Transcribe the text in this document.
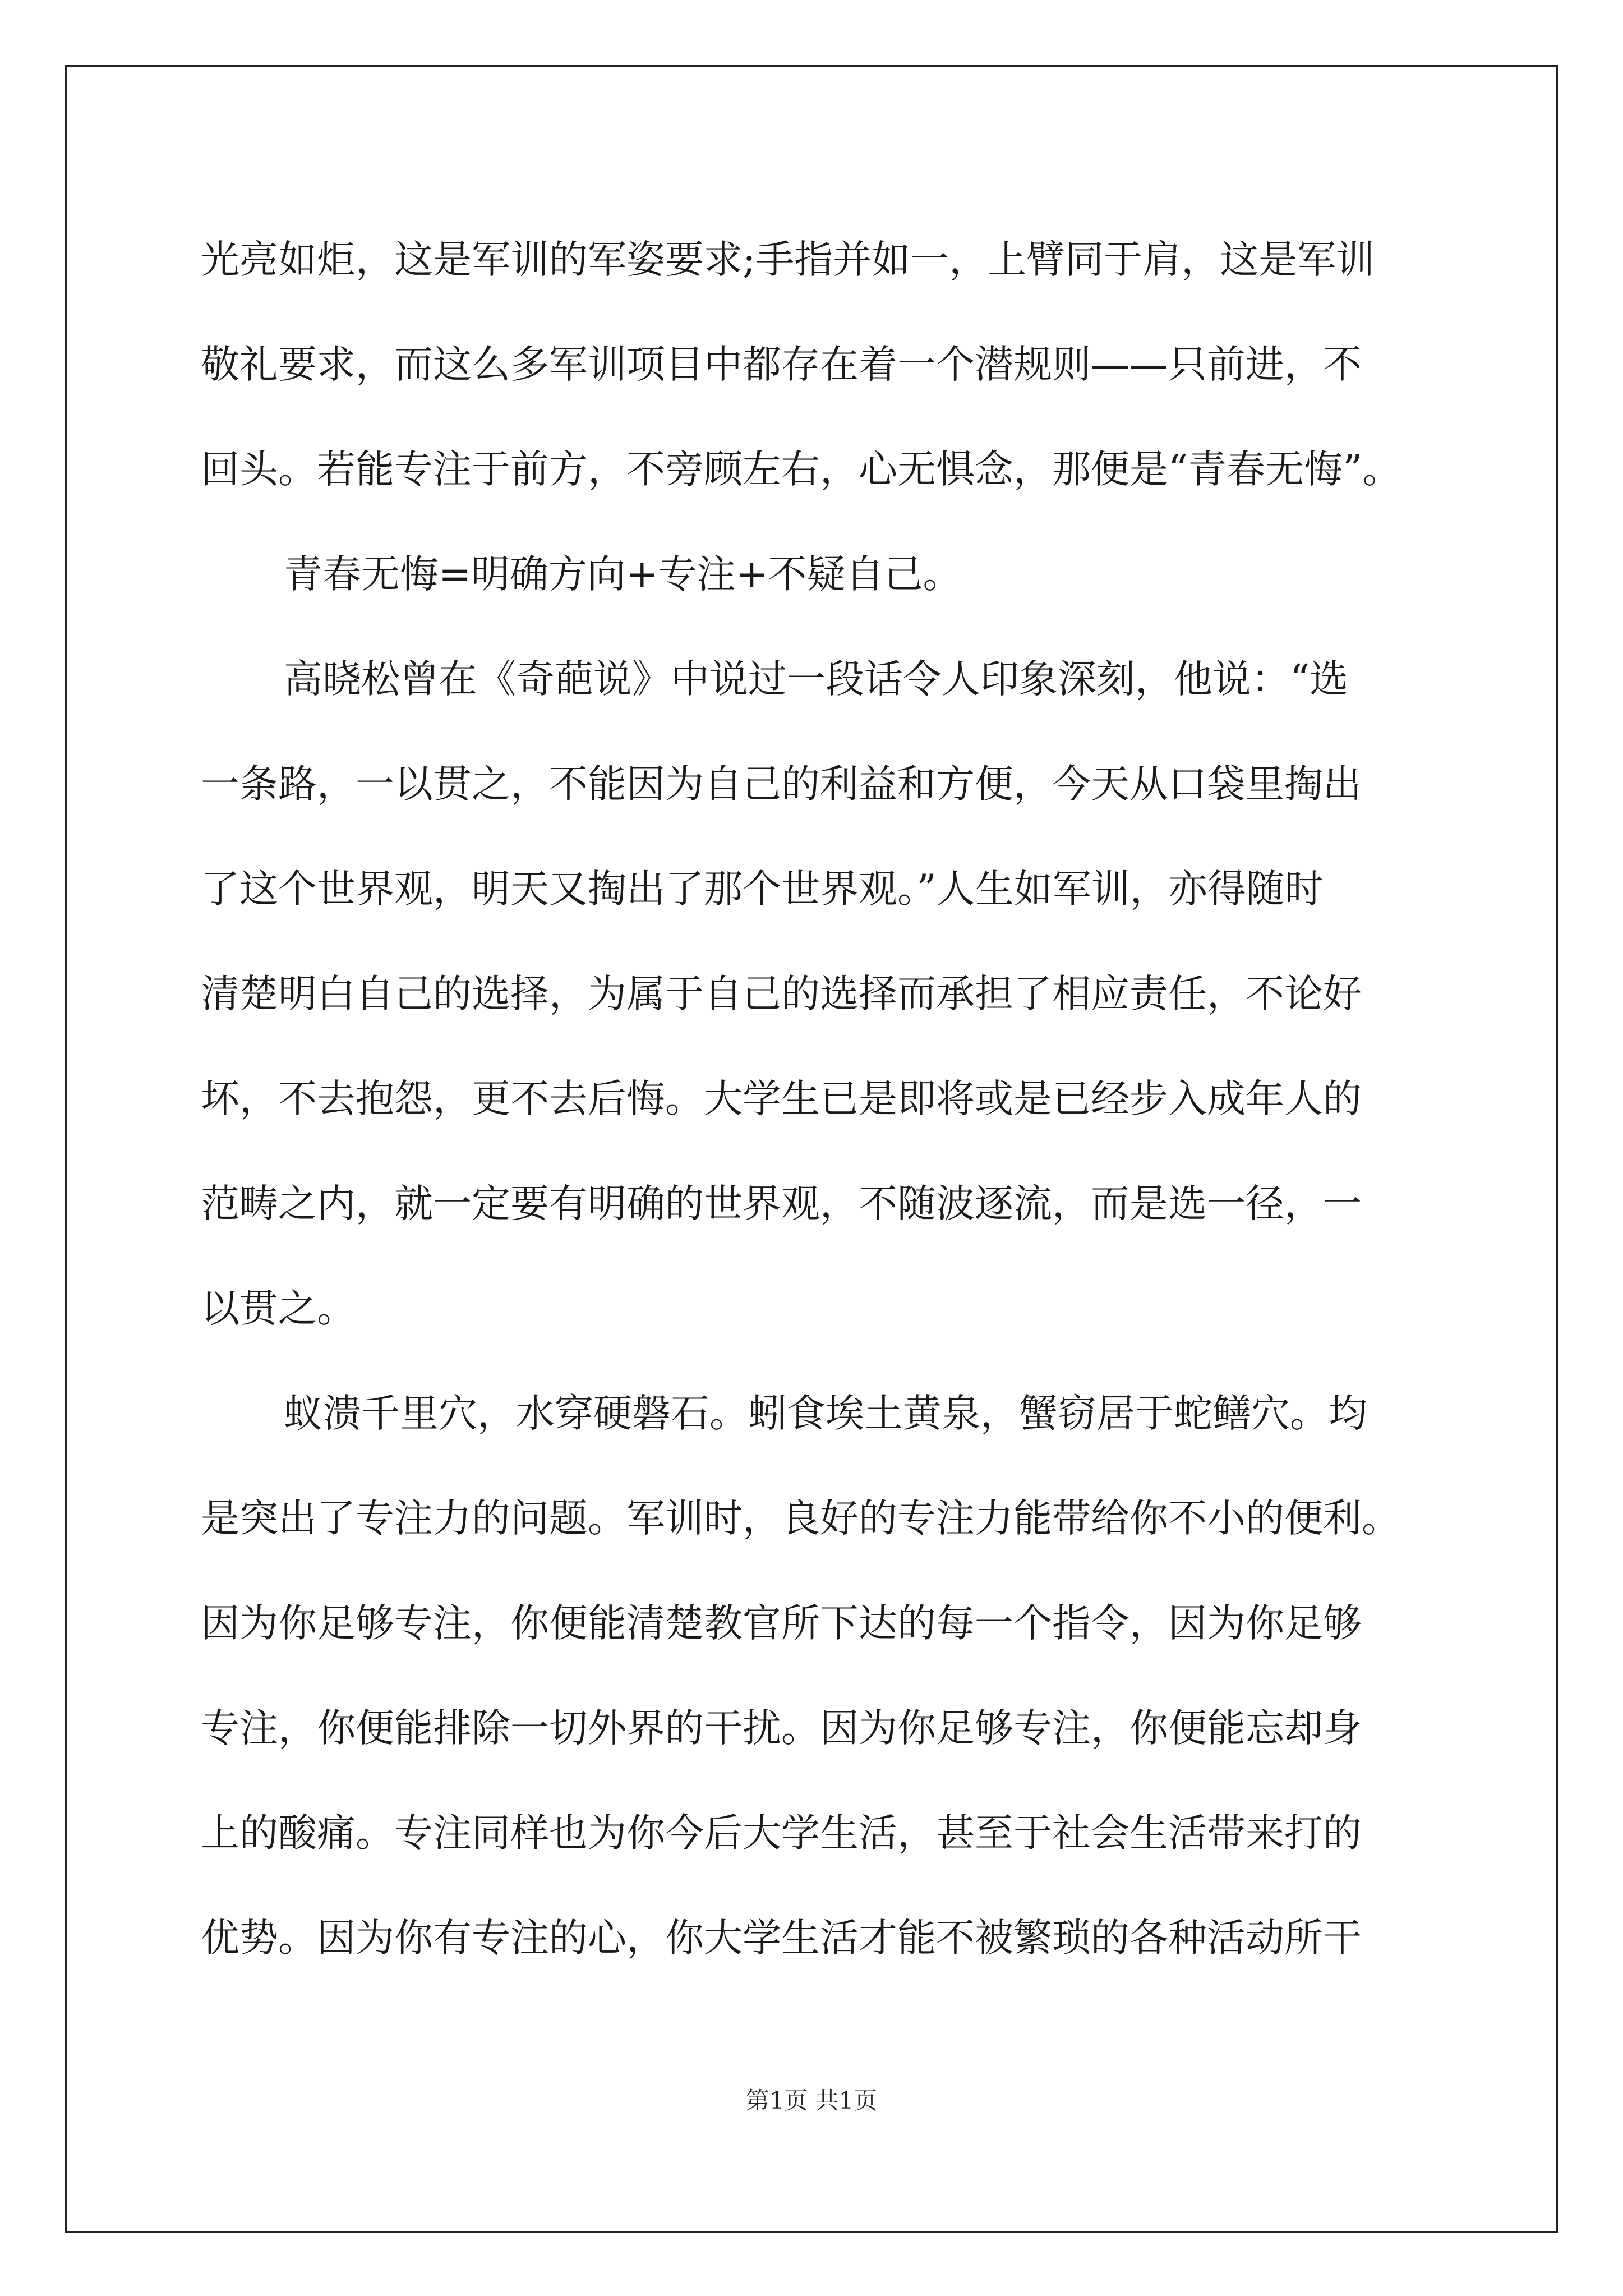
光亮如炬，这是军训的军姿要求;手指并如一，上臂同于肩，这是军训
敬礼要求，而这么多军训项目中都存在着一个潜规则——只前进，不
回头。若能专注于前方，不旁顾左右，心无惧念，那便是“青春无悔”。
青春无悔=明确方向+专注+不疑自己。
高晓松曾在《奇葩说》中说过一段话令人印象深刻，他说：“选
一条路，一以贯之，不能因为自己的利益和方便，今天从口袋里掏出
了这个世界观，明天又掏出了那个世界观。”人生如军训，亦得随时
清楚明白自己的选择，为属于自己的选择而承担了相应责任，不论好
坏，不去抱怨，更不去后悔。大学生已是即将或是已经步入成年人的
范畴之内，就一定要有明确的世界观，不随波逐流，而是选一径，一
以贯之。
蚁溃千里穴，水穿硬磐石。蚓食埃土黄泉，蟹窃居于蛇鳝穴。均
是突出了专注力的问题。军训时，良好的专注力能带给你不小的便利。
因为你足够专注，你便能清楚教官所下达的每一个指令，因为你足够
专注，你便能排除一切外界的干扰。因为你足够专注，你便能忘却身
上的酸痛。专注同样也为你今后大学生活，甚至于社会生活带来打的
优势。因为你有专注的心，你大学生活才能不被繁琐的各种活动所干
第1页 共1页
